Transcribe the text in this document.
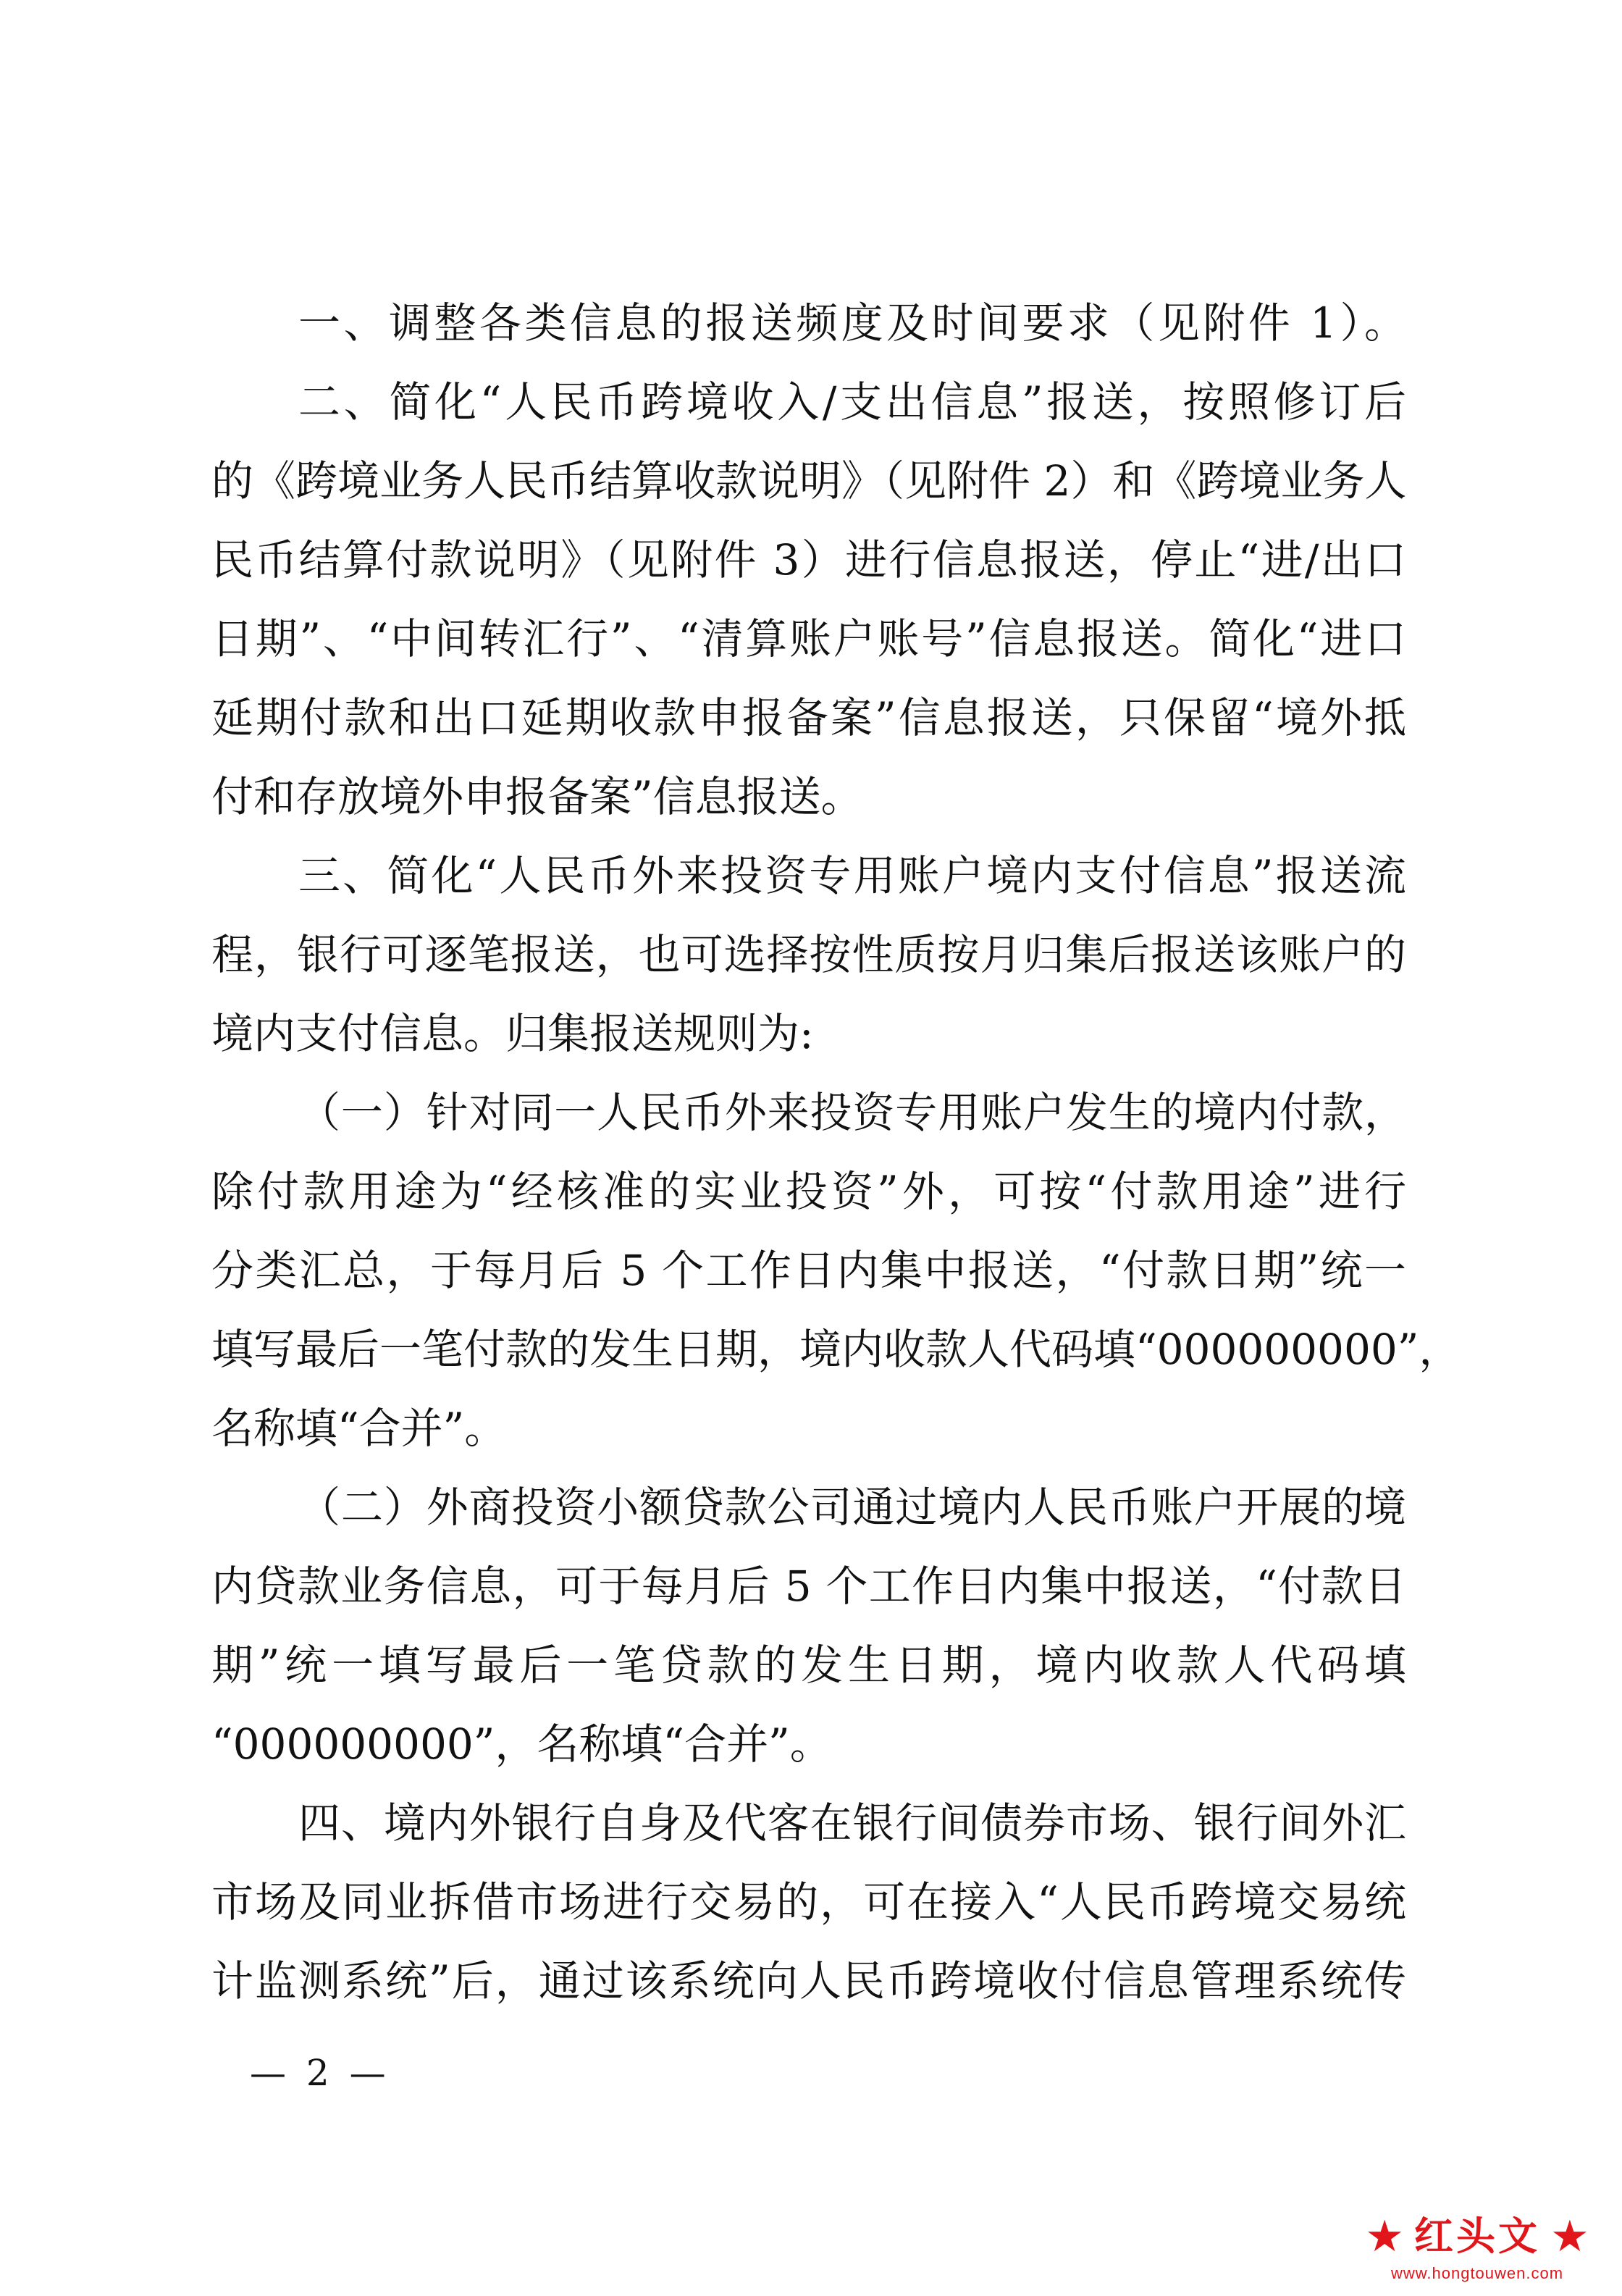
一、调整各类信息的报送频度及时间要求（见附件 1）。
二、简化“人民币跨境收入/支出信息”报送，按照修订后
的《跨境业务人民币结算收款说明》（见附件 2）和《跨境业务人
民币结算付款说明》（见附件 3）进行信息报送，停止“进/出口
日期”、“中间转汇行”、“清算账户账号”信息报送。简化“进口
延期付款和出口延期收款申报备案”信息报送，只保留“境外抵
付和存放境外申报备案”信息报送。
三、简化“人民币外来投资专用账户境内支付信息”报送流
程，银行可逐笔报送，也可选择按性质按月归集后报送该账户的
境内支付信息。归集报送规则为:
（一）针对同一人民币外来投资专用账户发生的境内付款，
除付款用途为“经核准的实业投资”外，可按“付款用途”进行
分类汇总，于每月后 5 个工作日内集中报送，“付款日期”统一
填写最后一笔付款的发生日期，境内收款人代码填“000000000”，
名称填“合并”。
（二）外商投资小额贷款公司通过境内人民币账户开展的境
内贷款业务信息，可于每月后 5 个工作日内集中报送，“付款日
期”统一填写最后一笔贷款的发生日期，境内收款人代码填
“000000000”，名称填“合并”。
四、境内外银行自身及代客在银行间债券市场、银行间外汇
市场及同业拆借市场进行交易的，可在接入“人民币跨境交易统
计监测系统”后，通过该系统向人民币跨境收付信息管理系统传
— 2 —
★ 红头文 ★
www.hongtouwen.com
